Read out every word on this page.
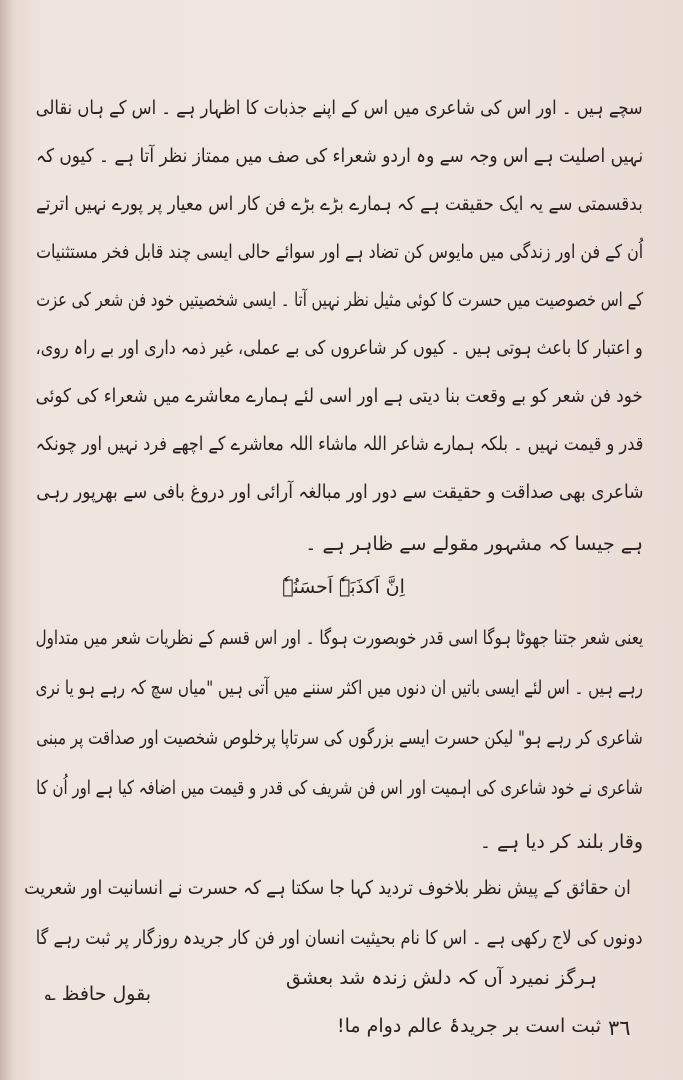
سچے ہیں ۔ اور اس کی شاعری میں اس کے اپنے جذبات کا اظہار ہے ۔ اس کے ہاں نقالی
نہیں اصلیت ہے اس وجہ سے وہ اردو شعراء کی صف میں ممتاز نظر آتا ہے ۔ کیوں کہ
بدقسمتی سے یہ ایک حقیقت ہے کہ ہمارے بڑے بڑے فن کار اس معیار پر پورے نہیں اترتے
اُن کے فن اور زندگی میں مایوس کن تضاد ہے اور سوائے حالی ایسی چند قابل فخر مستثنیات
کے اس خصوصیت میں حسرت کا کوئی مثیل نظر نہیں آتا ۔ ایسی شخصیتیں خود فن شعر کی عزت
و اعتبار کا باعث ہوتی ہیں ۔ کیوں کر شاعروں کی بے عملی، غیر ذمہ داری اور بے راہ روی،
خود فن شعر کو بے وقعت بنا دیتی ہے اور اسی لئے ہمارے معاشرے میں شعراء کی کوئی
قدر و قیمت نہیں ۔ بلکہ ہمارے شاعر اللہ ماشاء اللہ معاشرے کے اچھے فرد نہیں اور چونکہ
شاعری بھی صداقت و حقیقت سے دور اور مبالغہ آرائی اور دروغ بافی سے بھرپور رہی
ہے جیسا کہ مشہور مقولے سے ظاہر ہے ۔
اِنَّ اَکذَبَہٗ اَحسَنُہٗ
یعنی شعر جتنا جھوٹا ہوگا اسی قدر خوبصورت ہوگا ۔ اور اس قسم کے نظریات شعر میں متداول
رہے ہیں ۔ اس لئے ایسی باتیں ان دنوں میں اکثر سننے میں آتی ہیں "میاں سچ کہ رہے ہو یا نری
شاعری کر رہے ہو" لیکن حسرت ایسے بزرگوں کی سرتاپا پرخلوص شخصیت اور صداقت پر مبنی
شاعری نے خود شاعری کی اہمیت اور اس فن شریف کی قدر و قیمت میں اضافہ کیا ہے اور اُن کا
وقار بلند کر دیا ہے ۔
ان حقائق کے پیش نظر بلاخوف تردید کہا جا سکتا ہے کہ حسرت نے انسانیت اور شعریت
دونوں کی لاج رکھی ہے ۔ اس کا نام بحیثیت انسان اور فن کار جریدہ روزگار پر ثبت رہے گا
بقول حافظ ؎
ہرگز نمیرد آں کہ دلش زندہ شد بعشق
ثبت است بر جریدۂ عالم دوام ما! ٣٦
